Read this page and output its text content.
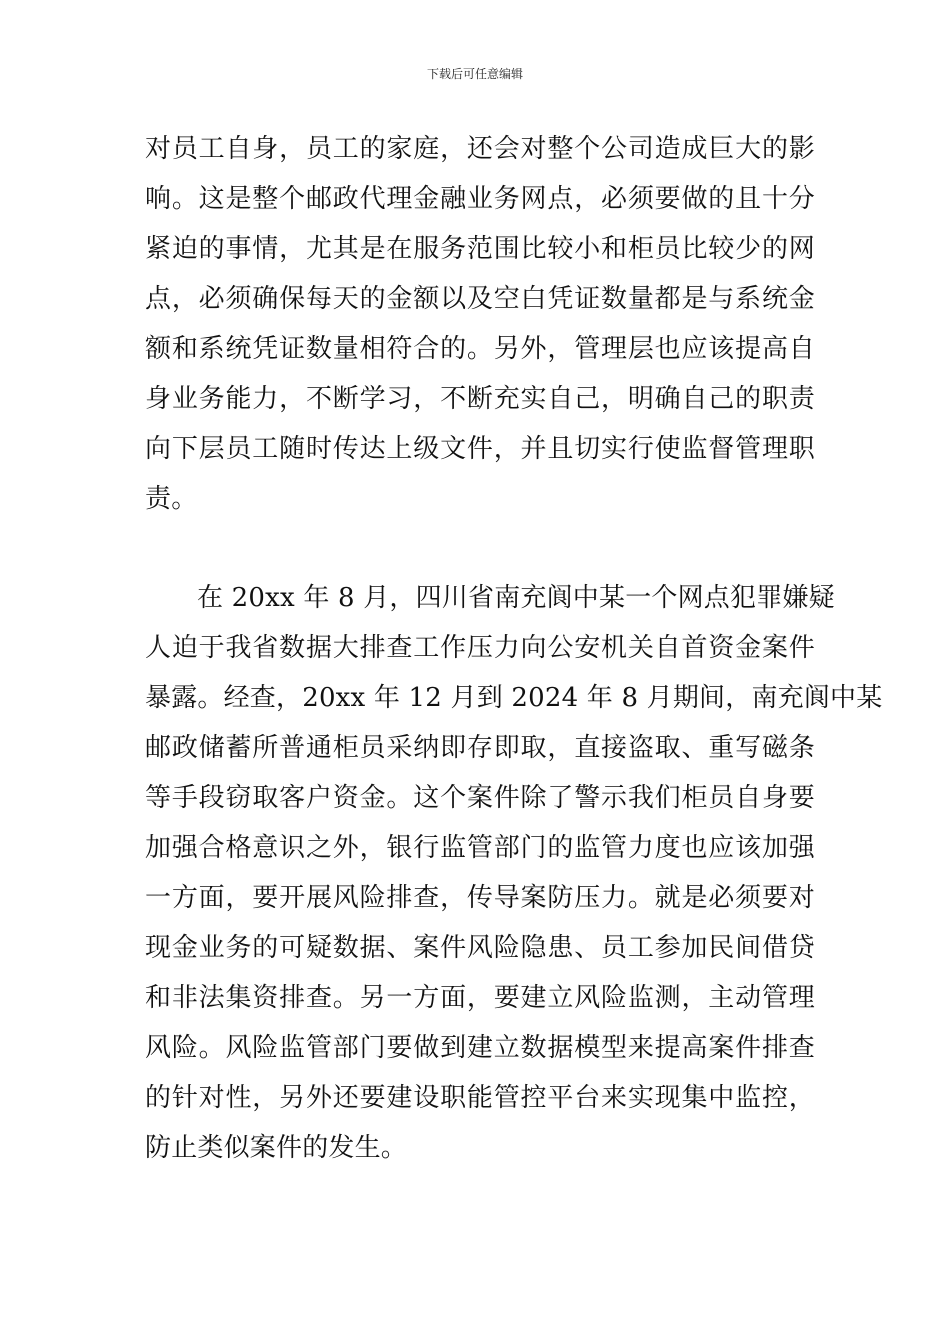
下载后可任意编辑
对员工自身，员工的家庭，还会对整个公司造成巨大的影
响。这是整个邮政代理金融业务网点，必须要做的且十分
紧迫的事情，尤其是在服务范围比较小和柜员比较少的网
点，必须确保每天的金额以及空白凭证数量都是与系统金
额和系统凭证数量相符合的。另外，管理层也应该提高自
身业务能力，不断学习，不断充实自己，明确自己的职责
向下层员工随时传达上级文件，并且切实行使监督管理职
责。
在 20xx 年 8 月，四川省南充阆中某一个网点犯罪嫌疑
人迫于我省数据大排查工作压力向公安机关自首资金案件
暴露。经查，20xx 年 12 月到 2024 年 8 月期间，南充阆中某
邮政储蓄所普通柜员采纳即存即取，直接盗取、重写磁条
等手段窃取客户资金。这个案件除了警示我们柜员自身要
加强合格意识之外，银行监管部门的监管力度也应该加强
一方面，要开展风险排查，传导案防压力。就是必须要对
现金业务的可疑数据、案件风险隐患、员工参加民间借贷
和非法集资排查。另一方面，要建立风险监测，主动管理
风险。风险监管部门要做到建立数据模型来提高案件排查
的针对性，另外还要建设职能管控平台来实现集中监控，
防止类似案件的发生。
